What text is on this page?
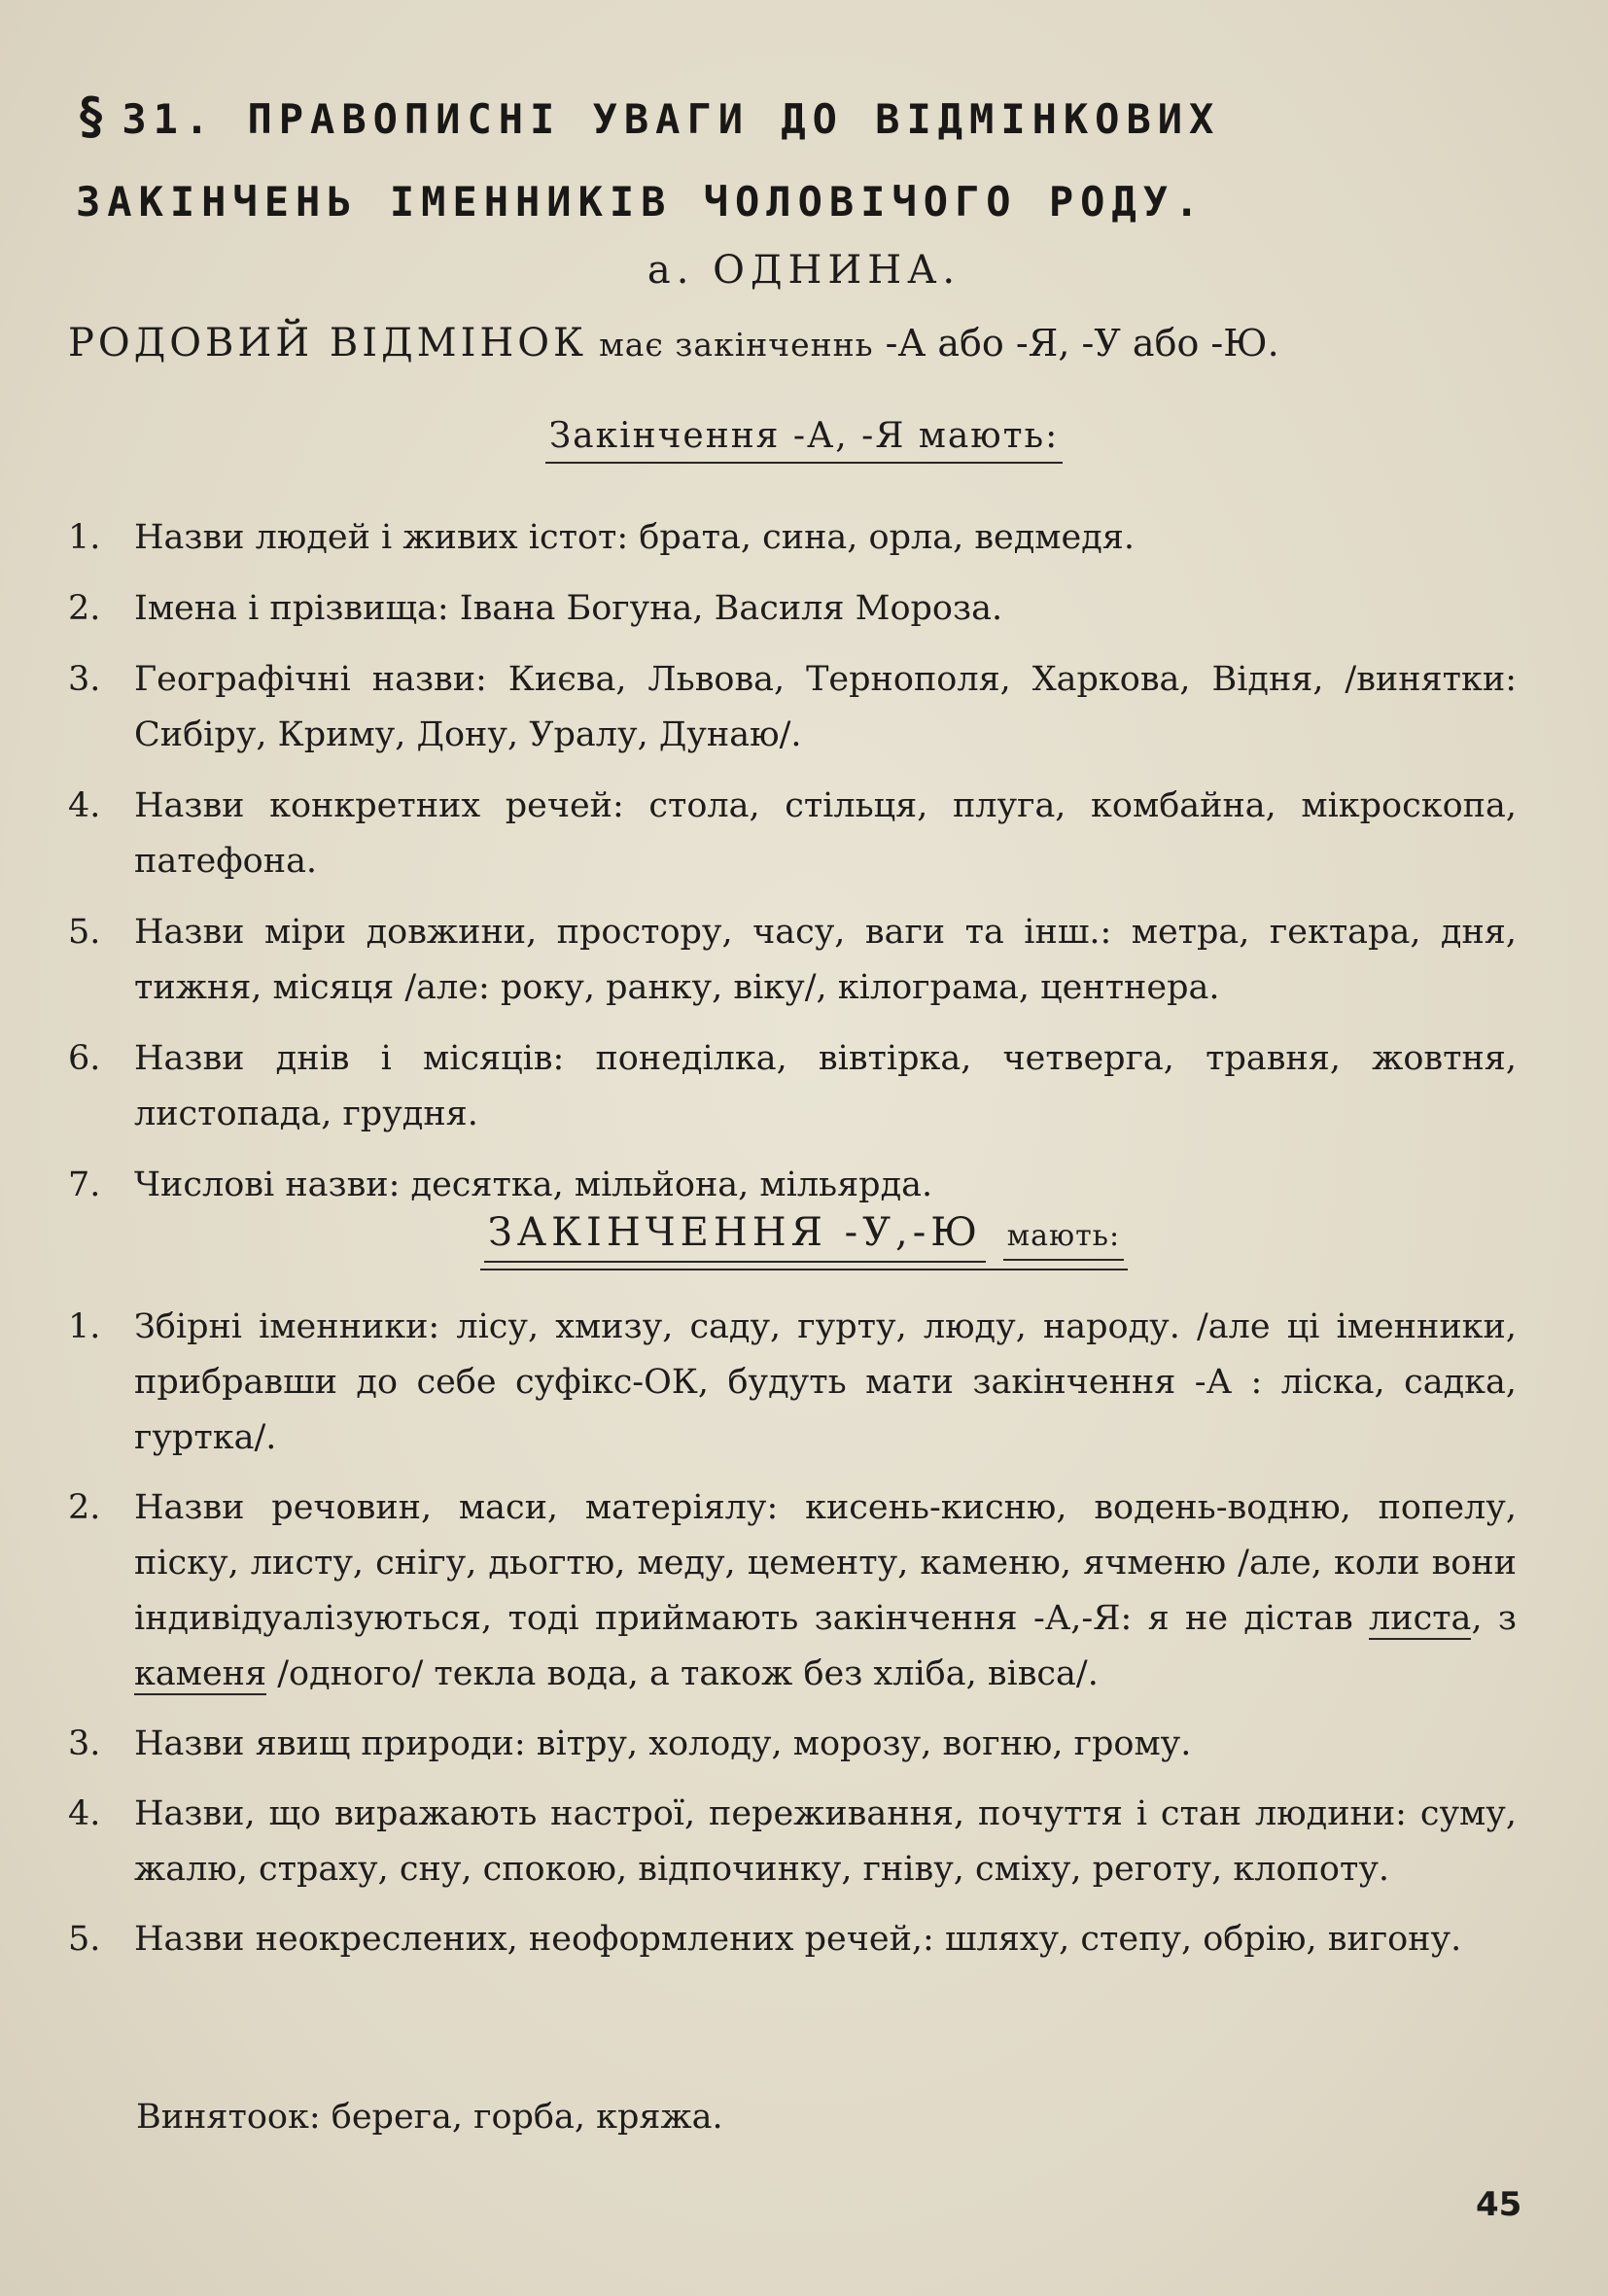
§ 31. ПРАВОПИСНІ УВАГИ ДО ВІДМІНКОВИХ
ЗАКІНЧЕНЬ ІМЕННИКІВ ЧОЛОВІЧОГО РОДУ.
а. ОДНИНА.
РОДОВИЙ ВІДМІНОК має закінченнь -А або -Я, -У або -Ю.
Закінчення -А, -Я мають:
1. Назви людей і живих істот: брата, сина, орла, ведмедя.
2. Імена і прізвища: Івана Богуна, Василя Мороза.
3. Географічні назви: Києва, Львова, Тернополя, Харкова, Відня, /винятки: Сибіру, Криму, Дону, Уралу, Дунаю/.
4. Назви конкретних речей: стола, стільця, плуга, комбайна, мікроскопа, патефона.
5. Назви міри довжини, простору, часу, ваги та інш.: метра, гектара, дня, тижня, місяця /але: року, ранку, віку/, кілограма, центнера.
6. Назви днів і місяців: понеділка, вівтірка, четверга, травня, жовтня, листопада, грудня.
7. Числові назви: десятка, мільйона, мільярда.
ЗАКІНЧЕННЯ -У,-Ю мають:
1. Збірні іменники: лісу, хмизу, саду, гурту, люду, народу. /але ці іменники, прибравши до себе суфікс-ОК, будуть мати закінчення -А : ліска, садка, гуртка/.
2. Назви речовин, маси, матеріялу: кисень-кисню, водень-водню, попелу, піску, листу, снігу, дьогтю, меду, цементу, каменю, ячменю /але, коли вони індивідуалізуються, тоді приймають закінчення -А,-Я: я не дістав листа, з каменя /одного/ текла вода, а також без хліба, вівса/.
3. Назви явищ природи: вітру, холоду, морозу, вогню, грому.
4. Назви, що виражають настрої, переживання, почуття і стан людини: суму, жалю, страху, сну, спокою, відпочинку, гніву, сміху, реготу, клопоту.
5. Назви неокреслених, неоформлених речей,: шляху, степу, обрію, вигону.
Винятоок: берега, горба, кряжа.
45
